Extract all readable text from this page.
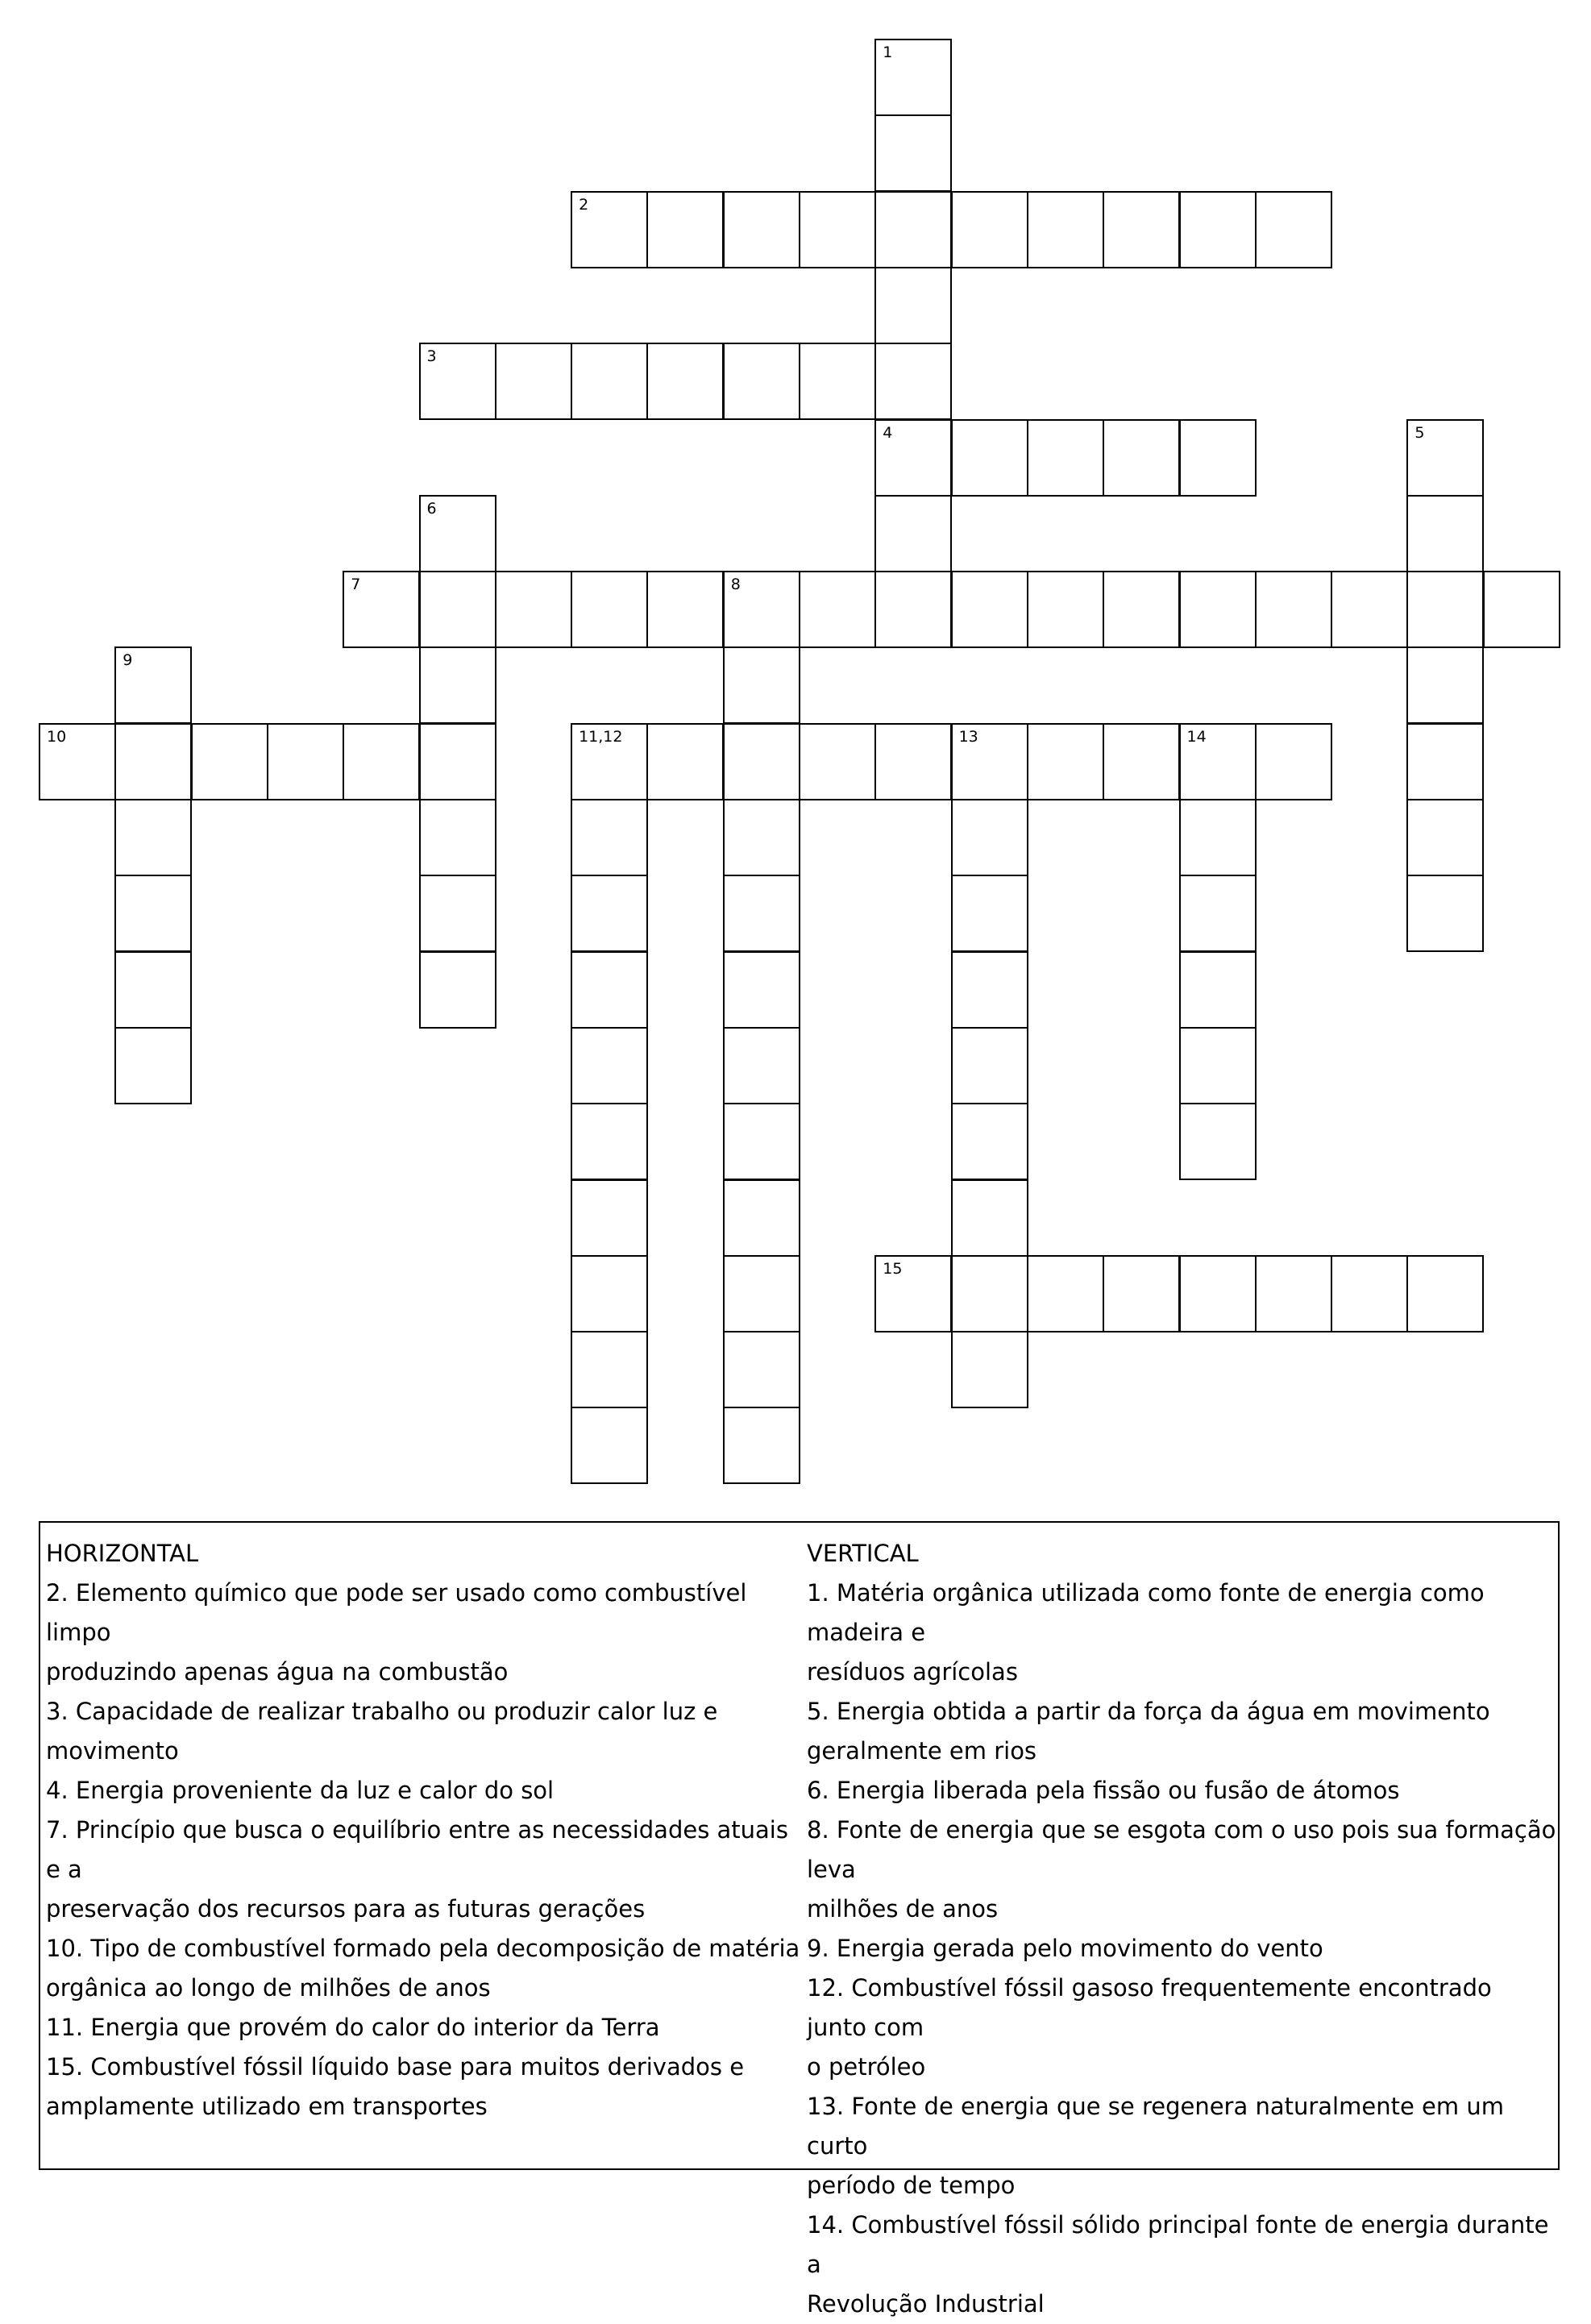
1
4
2
3
5
6
7	8
9
10	11,12	13	14
15

HORIZONTAL

2. Elemento químico que pode ser usado como combustível limpo

produzindo apenas água na combustão

3. Capacidade de realizar trabalho ou produzir calor luz e

movimento

4. Energia proveniente da luz e calor do sol

7. Princípio que busca o equilíbrio entre as necessidades atuais e a

preservação dos recursos para as futuras gerações

10. Tipo de combustível formado pela decomposição de matéria

orgânica ao longo de milhões de anos

11. Energia que provém do calor do interior da Terra

15. Combustível fóssil líquido base para muitos derivados e

amplamente utilizado em transportes

VERTICAL

1. Matéria orgânica utilizada como fonte de energia como madeira e

resíduos agrícolas

5. Energia obtida a partir da força da água em movimento

geralmente em rios

6. Energia liberada pela fissão ou fusão de átomos

8. Fonte de energia que se esgota com o uso pois sua formação leva

milhões de anos

9. Energia gerada pelo movimento do vento

12. Combustível fóssil gasoso frequentemente encontrado junto com

o petróleo

13. Fonte de energia que se regenera naturalmente em um curto

período de tempo

14. Combustível fóssil sólido principal fonte de energia durante a

Revolução Industrial
